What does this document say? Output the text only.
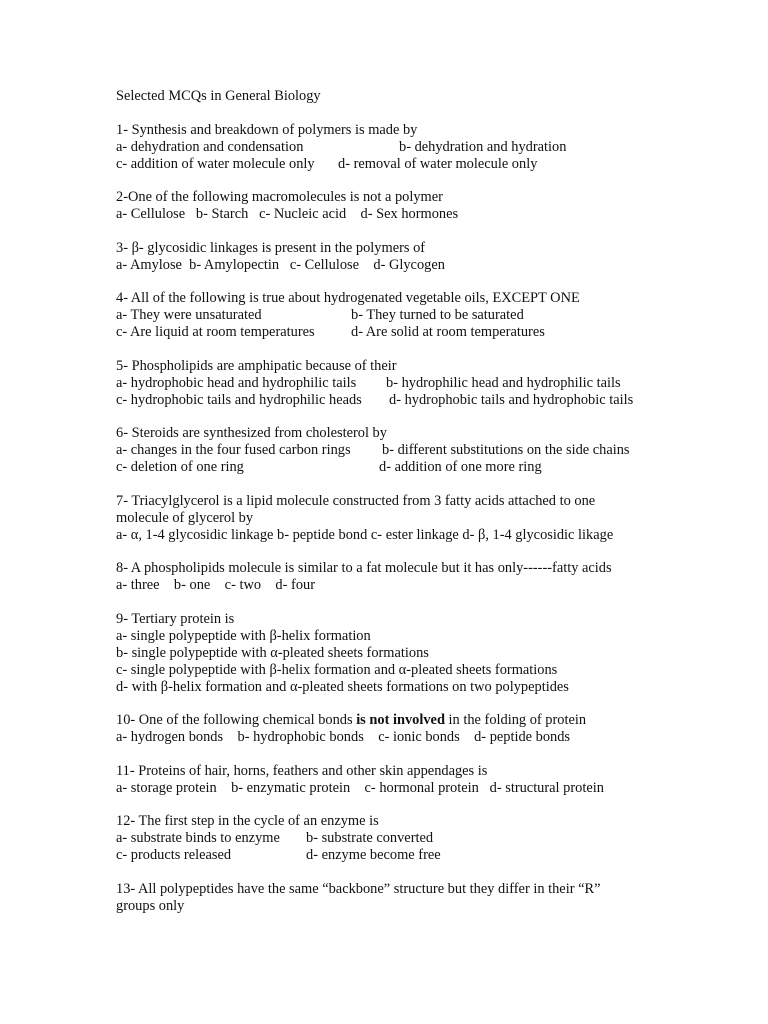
Selected MCQs in General Biology
1- Synthesis and breakdown of polymers is made by
a- dehydration and condensation	b- dehydration and hydration
c- addition of water molecule only d- removal of water molecule only
2-One of the following macromolecules is not a polymer
a- Cellulose   b- Starch   c- Nucleic acid    d- Sex hormones
3- β- glycosidic linkages is present in the polymers of
a- Amylose  b- Amylopectin   c- Cellulose    d- Glycogen
4- All of the following is true about hydrogenated vegetable oils, EXCEPT ONE
a- They were unsaturated	b- They turned to be saturated
c- Are liquid at room temperatures	d- Are solid at room temperatures
5- Phospholipids are amphipatic because of their
a- hydrophobic head and hydrophilic tails b- hydrophilic head and hydrophilic tails
c- hydrophobic tails and hydrophilic heads d- hydrophobic tails and hydrophobic tails
6- Steroids are synthesized from cholesterol by
a- changes in the four fused carbon rings b- different substitutions on the side chains
c- deletion of one ring	d- addition of one more ring
7- Triacylglycerol is a lipid molecule constructed from 3 fatty acids attached to one molecule of glycerol by
a- α, 1-4 glycosidic linkage b- peptide bond c- ester linkage d- β, 1-4 glycosidic likage
8- A phospholipids molecule is similar to a fat molecule but it has only------fatty acids
a- three    b- one    c- two    d- four
9- Tertiary protein is
a- single polypeptide with β-helix formation
b- single polypeptide with α-pleated sheets formations
c- single polypeptide with β-helix formation and α-pleated sheets formations
d- with β-helix formation and α-pleated sheets formations on two polypeptides
10- One of the following chemical bonds is not involved in the folding of protein
a- hydrogen bonds    b- hydrophobic bonds    c- ionic bonds    d- peptide bonds
11- Proteins of hair, horns, feathers and other skin appendages is
a- storage protein    b- enzymatic protein    c- hormonal protein   d- structural protein
12- The first step in the cycle of an enzyme is
a- substrate binds to enzyme b- substrate converted
c- products released	d- enzyme become free
13- All polypeptides have the same “backbone” structure but they differ in their “R” groups only
